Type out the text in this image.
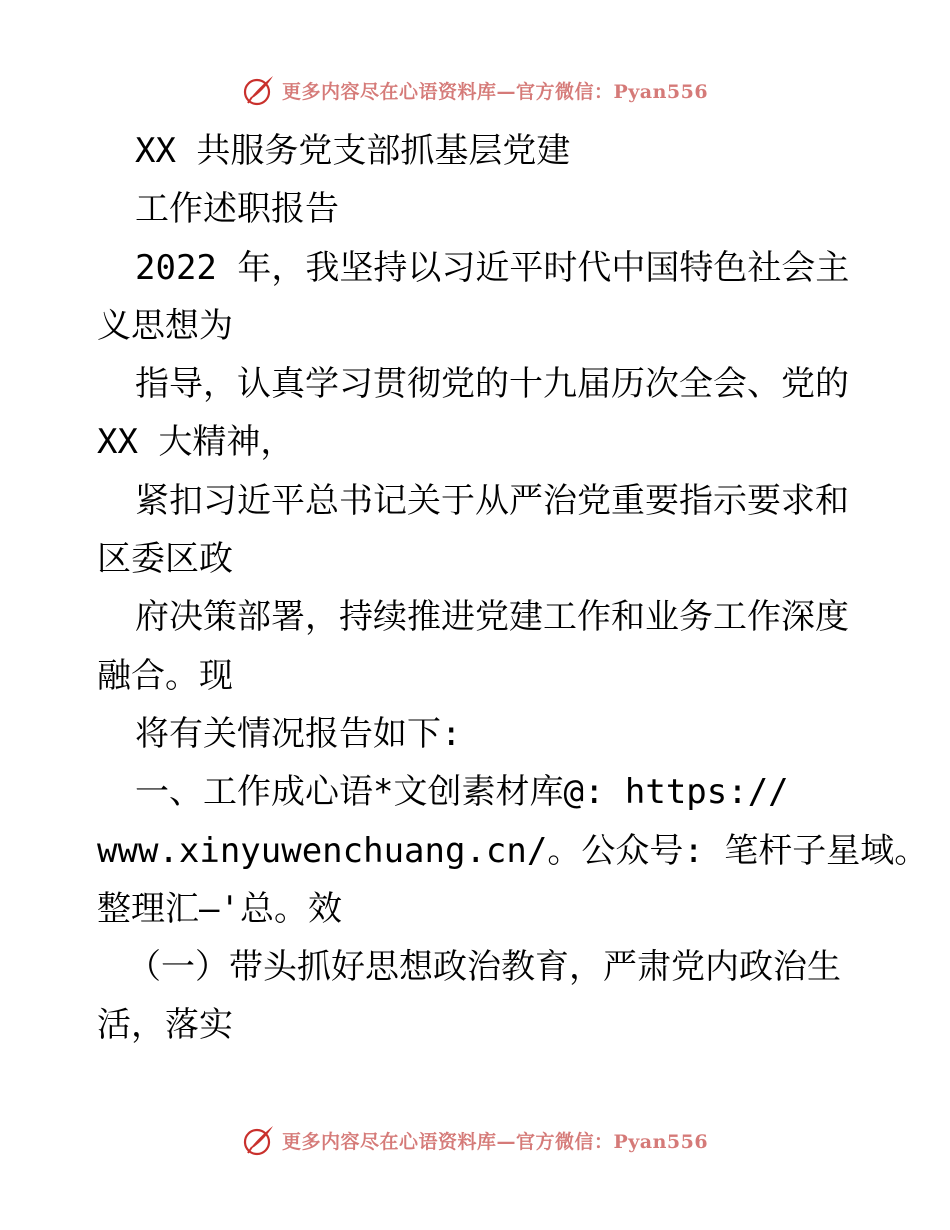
更多内容尽在心语资料库—官方微信：Pyan556
XX 共服务党支部抓基层党建
工作述职报告
2022 年，我坚持以习近平时代中国特色社会主
义思想为
指导，认真学习贯彻党的十九届历次全会、党的
XX 大精神，
紧扣习近平总书记关于从严治党重要指示要求和
区委区政
府决策部署，持续推进党建工作和业务工作深度
融合。现
将有关情况报告如下:
一、工作成心语*文创素材库@: https://
www.xinyuwenchuang.cn/。公众号: 笔杆子星域。
整理汇—'总。效
（一）带头抓好思想政治教育，严肃党内政治生
活，落实
更多内容尽在心语资料库—官方微信：Pyan556
